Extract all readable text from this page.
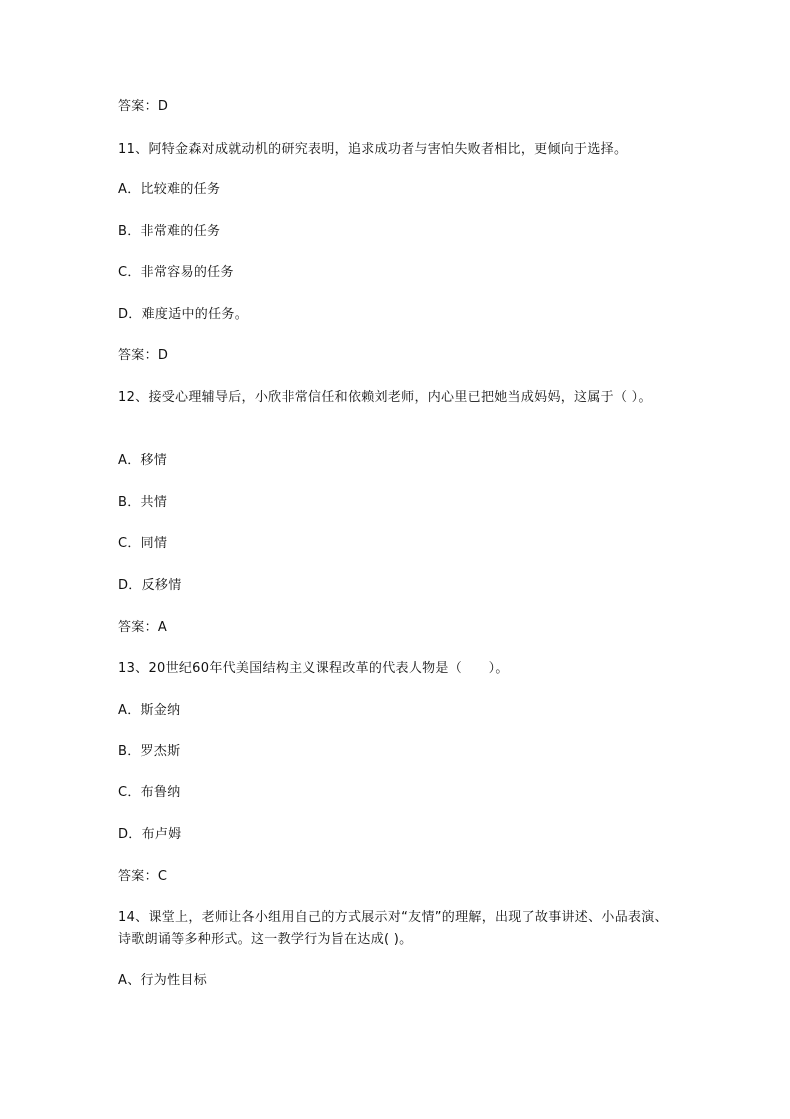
答案：D
11、阿特金森对成就动机的研究表明，追求成功者与害怕失败者相比，更倾向于选择。
A．比较难的任务
B．非常难的任务
C．非常容易的任务
D．难度适中的任务。
答案：D
12、接受心理辅导后，小欣非常信任和依赖刘老师，内心里已把她当成妈妈，这属于（ ）。
A．移情
B．共情
C．同情
D．反移情
答案：A
13、20世纪60年代美国结构主义课程改革的代表人物是（　　）。
A．斯金纳
B．罗杰斯
C．布鲁纳
D．布卢姆
答案：C
14、课堂上，老师让各小组用自己的方式展示对“友情”的理解，出现了故事讲述、小品表演、诗歌朗诵等多种形式。这一教学行为旨在达成( )。
A、行为性目标
